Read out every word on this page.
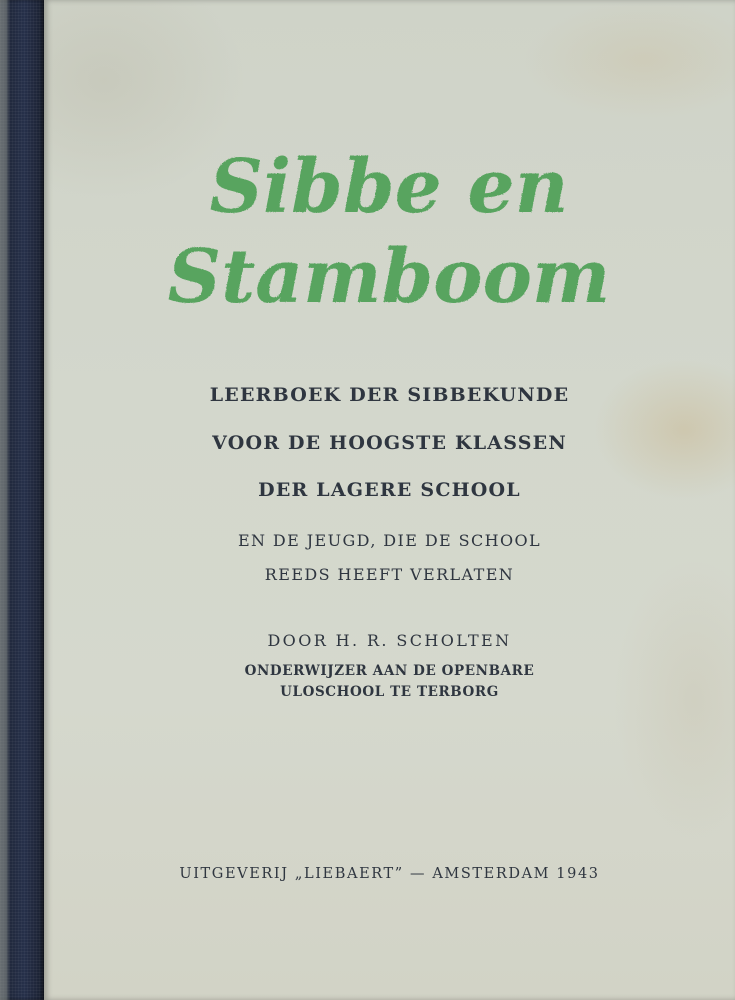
Sibbe en
Stamboom
LEERBOEK DER SIBBEKUNDE
VOOR DE HOOGSTE KLASSEN
DER LAGERE SCHOOL
EN DE JEUGD, DIE DE SCHOOL
REEDS HEEFT VERLATEN
DOOR H. R. SCHOLTEN
ONDERWIJZER AAN DE OPENBARE
ULOSCHOOL TE TERBORG
UITGEVERIJ „LIEBAERT” — AMSTERDAM 1943
